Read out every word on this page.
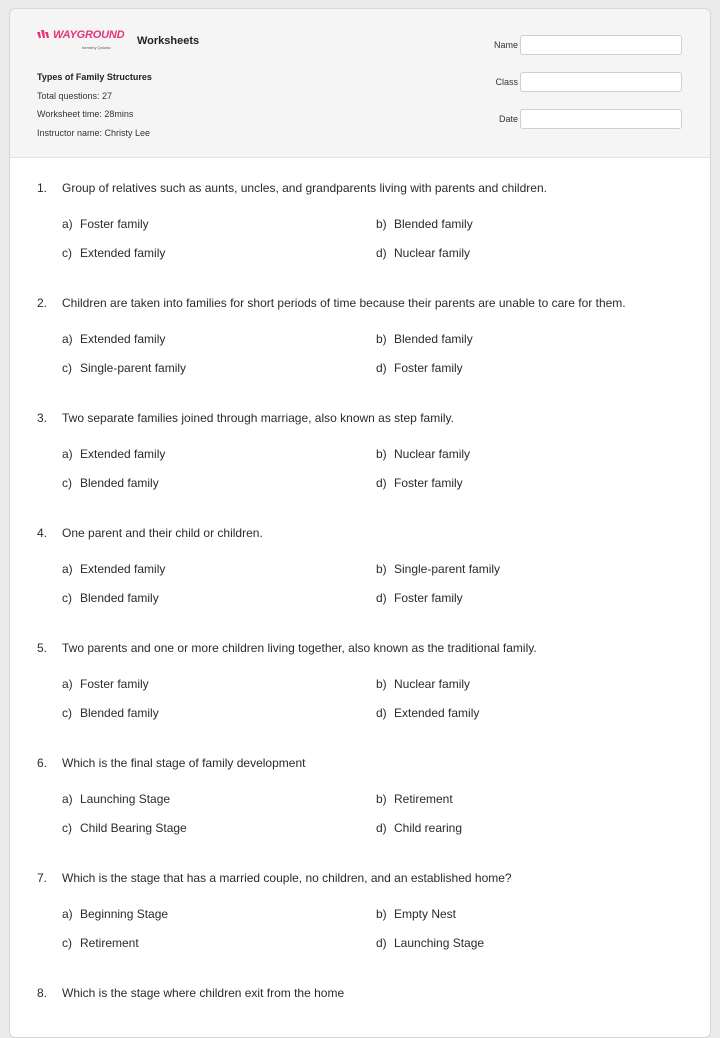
WAYGROUND
formerly Quizizz
Worksheets
Types of Family Structures
Total questions: 27
Worksheet time: 28mins
Instructor name: Christy Lee
Name
Class
Date
1. Group of relatives such as aunts, uncles, and grandparents living with parents and children.
a) Foster family	b) Blended family
c) Extended family	d) Nuclear family
2. Children are taken into families for short periods of time because their parents are unable to care for them.
a) Extended family	b) Blended family
c) Single-parent family	d) Foster family
3. Two separate families joined through marriage, also known as step family.
a) Extended family	b) Nuclear family
c) Blended family	d) Foster family
4. One parent and their child or children.
a) Extended family	b) Single-parent family
c) Blended family	d) Foster family
5. Two parents and one or more children living together, also known as the traditional family.
a) Foster family	b) Nuclear family
c) Blended family	d) Extended family
6. Which is the final stage of family development
a) Launching Stage	b) Retirement
c) Child Bearing Stage	d) Child rearing
7. Which is the stage that has a married couple, no children, and an established home?
a) Beginning Stage	b) Empty Nest
c) Retirement	d) Launching Stage
8. Which is the stage where children exit from the home
